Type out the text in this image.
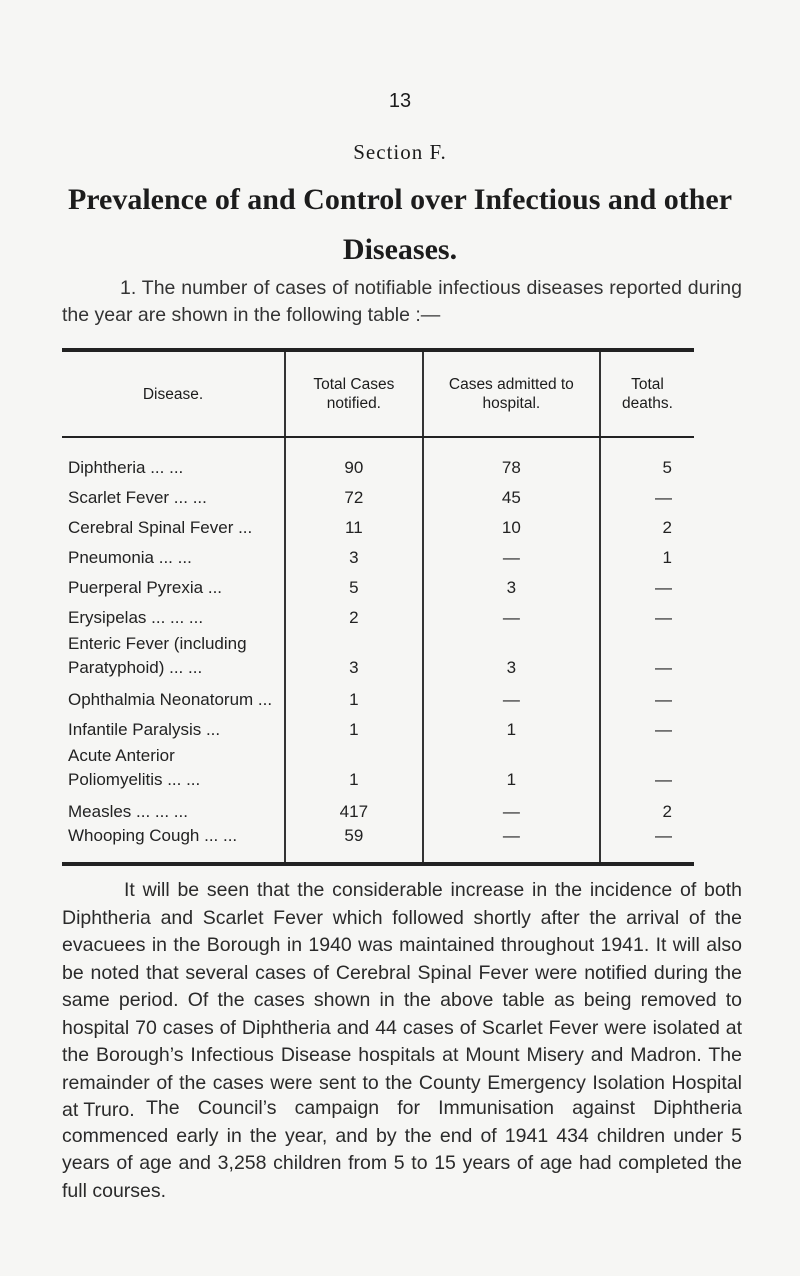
13
Section F.
Prevalence of and Control over Infectious and other Diseases.
1. The number of cases of notifiable infectious diseases reported during the year are shown in the following table :—
Disease.	Total Cases notified.	Cases admitted to hospital.	Total deaths.
Diphtheria ... ...	90	78	5
Scarlet Fever ... ...	72	45	—
Cerebral Spinal Fever ...	11	10	2
Pneumonia ... ...	3	—	1
Puerperal Pyrexia ...	5	3	—
Erysipelas ... ... ...	2	—	—
Enteric Fever (including
Paratyphoid) ... ...	3	3	—
Ophthalmia Neonatorum ...	1	—	—
Infantile Paralysis ...	1	1	—
Acute Anterior
Poliomyelitis ... ...	1	1	—
Measles ... ... ...	417	—	2
Whooping Cough ... ...	59	—	—
It will be seen that the considerable increase in the incidence of both Diphtheria and Scarlet Fever which followed shortly after the arrival of the evacuees in the Borough in 1940 was maintained throughout 1941. It will also be noted that several cases of Cerebral Spinal Fever were notified during the same period. Of the cases shown in the above table as being removed to hospital 70 cases of Diphtheria and 44 cases of Scarlet Fever were isolated at the Borough’s Infectious Disease hospitals at Mount Misery and Madron. The remainder of the cases were sent to the County Emergency Isolation Hospital at Truro. The Council’s campaign for Immunisation against Diphtheria commenced early in the year, and by the end of 1941 434 children under 5 years of age and 3,258 children from 5 to 15 years of age had completed the full courses.
